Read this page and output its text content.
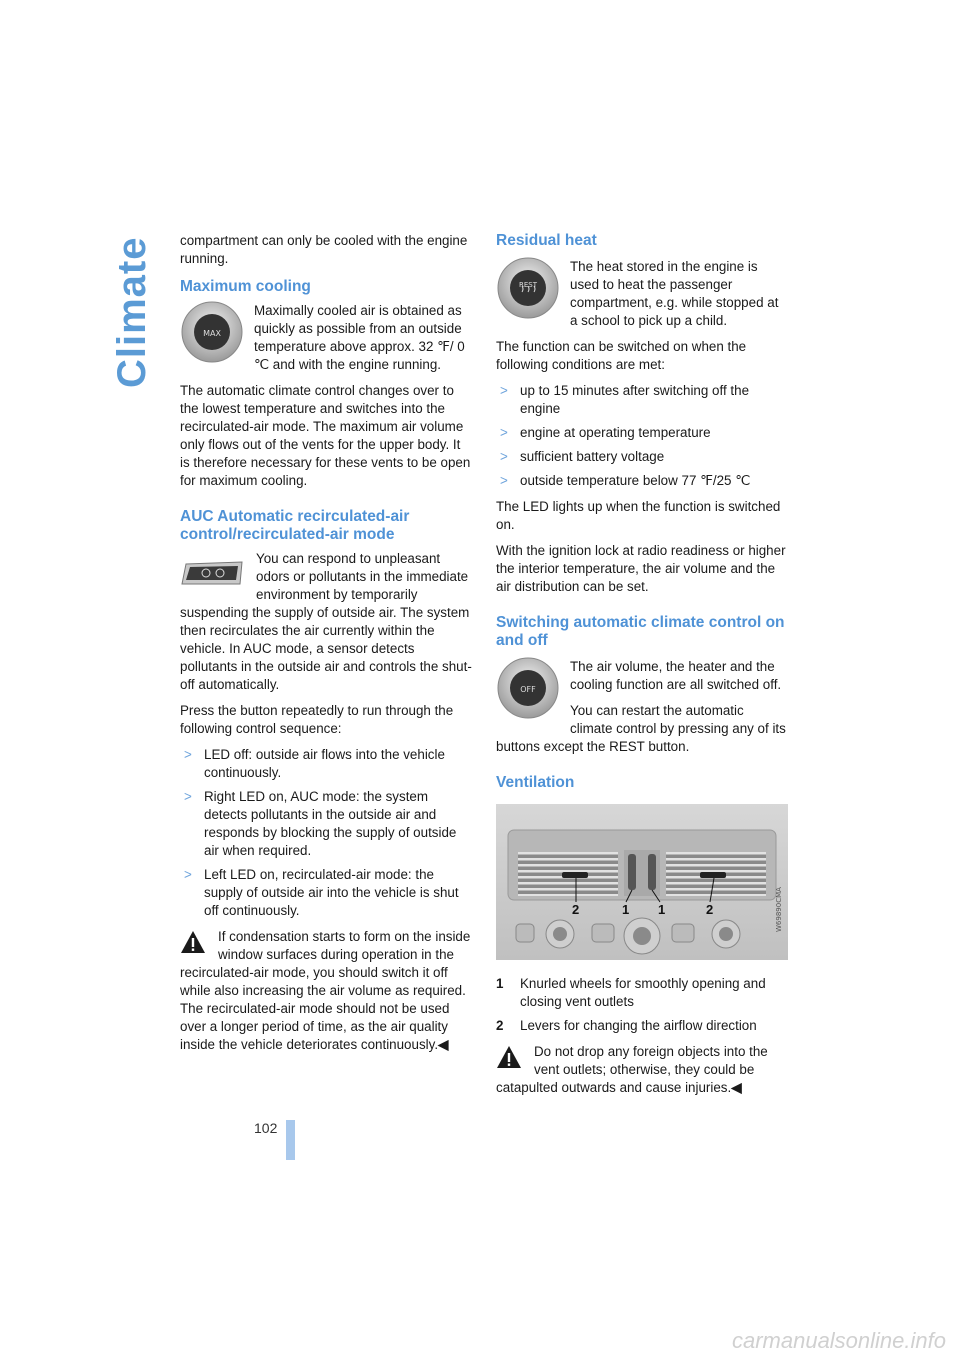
Climate compartment can only be cooled with the engine running.

Maximum cooling
MAX

Maximally cooled air is obtained as quickly as possible from an outside temperature above approx. 32 ℉/ 0 ℃ and with the engine running.

The automatic climate control changes over to the lowest temperature and switches into the recirculated-air mode. The maximum air volume only flows out of the vents for the upper body. It is therefore necessary for these vents to be open for maximum cooling.

AUC Automatic recirculated-air control/recirculated-air mode

You can respond to unpleasant odors or pollutants in the immediate environment by temporarily suspending the supply of outside air. The system then recirculates the air currently within the vehicle. In AUC mode, a sensor detects pollutants in the outside air and controls the shut-off automatically.

Press the button repeatedly to run through the following control sequence:

> LED off: outside air flows into the vehicle continuously.
> Right LED on, AUC mode: the system detects pollutants in the outside air and responds by blocking the supply of outside air when required.
> Left LED on, recirculated-air mode: the supply of outside air into the vehicle is shut off continuously.

If condensation starts to form on the inside window surfaces during operation in the recirculated-air mode, you should switch it off while also increasing the air volume as required.
The recirculated-air mode should not be used over a longer period of time, as the air quality inside the vehicle deteriorates continuously.◀

Residual heat
REST

The heat stored in the engine is used to heat the passenger compartment, e.g. while stopped at a school to pick up a child.

The function can be switched on when the following conditions are met:

> up to 15 minutes after switching off the engine
> engine at operating temperature
> sufficient battery voltage
> outside temperature below 77 ℉/25 ℃

The LED lights up when the function is switched on.

With the ignition lock at radio readiness or higher the interior temperature, the air volume and the air distribution can be set.

Switching automatic climate control on and off
OFF

The air volume, the heater and the cooling function are all switched off.

You can restart the automatic climate control by pressing any of its buttons except the REST button.

Ventilation
2	1 1	2	W69890CMA
1 Knurled wheels for smoothly opening and closing vent outlets
2 Levers for changing the airflow direction

Do not drop any foreign objects into the vent outlets; otherwise, they could be catapulted outwards and cause injuries.◀

102
carmanualsonline.info
